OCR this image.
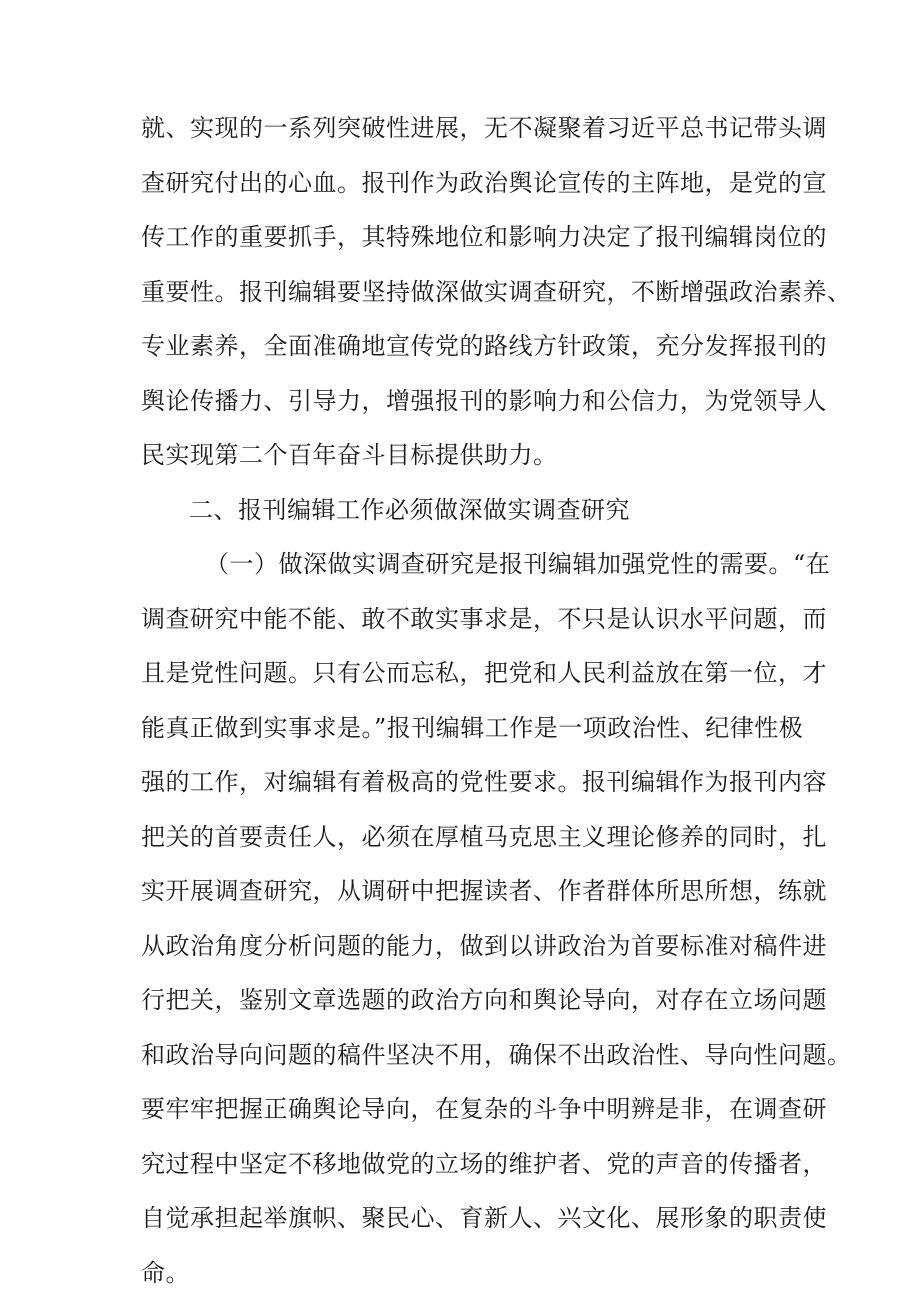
就、实现的一系列突破性进展，无不凝聚着习近平总书记带头调
查研究付出的心血。报刊作为政治舆论宣传的主阵地，是党的宣
传工作的重要抓手，其特殊地位和影响力决定了报刊编辑岗位的
重要性。报刊编辑要坚持做深做实调查研究，不断增强政治素养、
专业素养，全面准确地宣传党的路线方针政策，充分发挥报刊的
舆论传播力、引导力，增强报刊的影响力和公信力，为党领导人
民实现第二个百年奋斗目标提供助力。
二、报刊编辑工作必须做深做实调查研究
（一）做深做实调查研究是报刊编辑加强党性的需要。“在
调查研究中能不能、敢不敢实事求是，不只是认识水平问题，而
且是党性问题。只有公而忘私，把党和人民利益放在第一位，才
能真正做到实事求是。”报刊编辑工作是一项政治性、纪律性极
强的工作，对编辑有着极高的党性要求。报刊编辑作为报刊内容
把关的首要责任人，必须在厚植马克思主义理论修养的同时，扎
实开展调查研究，从调研中把握读者、作者群体所思所想，练就
从政治角度分析问题的能力，做到以讲政治为首要标准对稿件进
行把关，鉴别文章选题的政治方向和舆论导向，对存在立场问题
和政治导向问题的稿件坚决不用，确保不出政治性、导向性问题。
要牢牢把握正确舆论导向，在复杂的斗争中明辨是非，在调查研
究过程中坚定不移地做党的立场的维护者、党的声音的传播者，
自觉承担起举旗帜、聚民心、育新人、兴文化、展形象的职责使
命。
